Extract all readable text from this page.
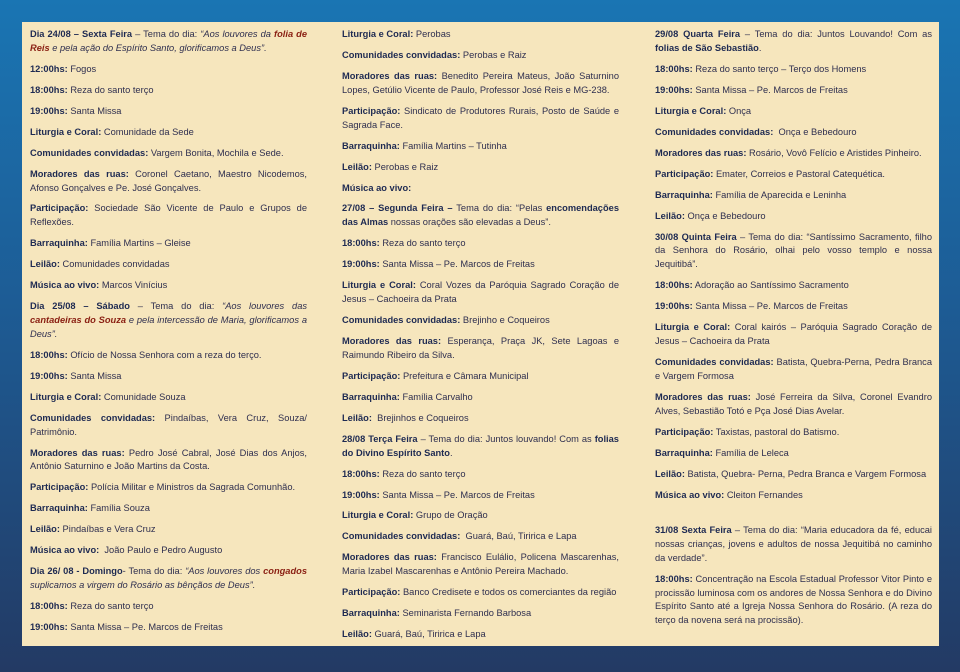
Dia 24/08 – Sexta Feira – Tema do dia: “Aos louvores da folia de Reis e pela ação do Espírito Santo, glorificamos a Deus”.

12:00hs: Fogos

18:00hs: Reza do santo terço

19:00hs: Santa Missa

Liturgia e Coral: Comunidade da Sede

Comunidades convidadas: Vargem Bonita, Mochila e Sede.

Moradores das ruas: Coronel Caetano, Maestro Nicodemos, Afonso Gonçalves e Pe. José Gonçalves.

Participação: Sociedade São Vicente de Paulo e Grupos de Reflexões.

Barraquinha: Família Martins – Gleise

Leilão: Comunidades convidadas

Música ao vivo: Marcos Vinícius

Dia 25/08 – Sábado – Tema do dia: “Aos louvores das cantadeiras do Souza e pela intercessão de Maria, glorificamos a Deus”.

18:00hs: Ofício de Nossa Senhora com a reza do terço.

19:00hs: Santa Missa

Liturgia e Coral: Comunidade Souza

Comunidades convidadas: Pindaíbas, Vera Cruz, Souza/ Patrimônio.

Moradores das ruas: Pedro José Cabral, José Dias dos Anjos, Antônio Saturnino e João Martins da Costa.

Participação: Polícia Militar e Ministros da Sagrada Comunhão.

Barraquinha: Família Souza

Leilão: Pindaíbas e Vera Cruz

Música ao vivo:  João Paulo e Pedro Augusto

Dia 26/ 08 - Domingo- Tema do dia: “Aos louvores dos congados suplicamos a virgem do Rosário as bênçãos de Deus”.

18:00hs: Reza do santo terço

19:00hs: Santa Missa – Pe. Marcos de Freitas

Liturgia e Coral: Perobas

Comunidades convidadas: Perobas e Raiz

Moradores das ruas: Benedito Pereira Mateus, João Saturnino Lopes, Getúlio Vicente de Paulo, Professor José Reis e MG-238.

Participação: Sindicato de Produtores Rurais, Posto de Saúde e Sagrada Face.

Barraquinha: Família Martins – Tutinha

Leilão: Perobas e Raiz

Música ao vivo:

27/08 – Segunda Feira – Tema do dia: “Pelas encomendações das Almas nossas orações são elevadas a Deus”.

18:00hs: Reza do santo terço

19:00hs: Santa Missa – Pe. Marcos de Freitas

Liturgia e Coral: Coral Vozes da Paróquia Sagrado Coração de Jesus – Cachoeira da Prata

Comunidades convidadas: Brejinho e Coqueiros

Moradores das ruas: Esperança, Praça JK, Sete Lagoas e Raimundo Ribeiro da Silva.

Participação: Prefeitura e Câmara Municipal

Barraquinha: Família Carvalho

Leilão:  Brejinhos e Coqueiros

28/08 Terça Feira – Tema do dia: Juntos louvando! Com as folias do Divino Espírito Santo.

18:00hs: Reza do santo terço

19:00hs: Santa Missa – Pe. Marcos de Freitas

Liturgia e Coral: Grupo de Oração

Comunidades convidadas:  Guará, Baú, Tiririca e Lapa

Moradores das ruas: Francisco Eulálio, Policena Mascarenhas, Maria Izabel Mascarenhas e Antônio Pereira Machado.

Participação: Banco Credisete e todos os comerciantes da região

Barraquinha: Seminarista Fernando Barbosa

Leilão: Guará, Baú, Tiririca e Lapa

29/08 Quarta Feira – Tema do dia: Juntos Louvando! Com as folias de São Sebastião.

18:00hs: Reza do santo terço – Terço dos Homens

19:00hs: Santa Missa – Pe. Marcos de Freitas

Liturgia e Coral: Onça

Comunidades convidadas:  Onça e Bebedouro

Moradores das ruas: Rosário, Vovô Felício e Aristides Pinheiro.

Participação: Emater, Correios e Pastoral Catequética.

Barraquinha: Família de Aparecida e Leninha

Leilão: Onça e Bebedouro

30/08 Quinta Feira – Tema do dia: “Santíssimo Sacramento, filho da Senhora do Rosário, olhai pelo vosso templo e nossa Jequitibá”.

18:00hs: Adoração ao Santíssimo Sacramento

19:00hs: Santa Missa – Pe. Marcos de Freitas

Liturgia e Coral: Coral kairós – Paróquia Sagrado Coração de Jesus – Cachoeira da Prata

Comunidades convidadas: Batista, Quebra-Perna, Pedra Branca e Vargem Formosa

Moradores das ruas: José Ferreira da Silva, Coronel Evandro Alves, Sebastião Totó e Pça José Dias Avelar.

Participação: Taxistas, pastoral do Batismo.

Barraquinha: Família de Leleca

Leilão: Batista, Quebra- Perna, Pedra Branca e Vargem Formosa

Música ao vivo: Cleiton Fernandes

31/08 Sexta Feira – Tema do dia: “Maria educadora da fé, educai nossas crianças, jovens e adultos de nossa Jequitibá no caminho da verdade”.

18:00hs: Concentração na Escola Estadual Professor Vitor Pinto e procissão luminosa com os andores de Nossa Senhora e do Divino Espírito Santo até a Igreja Nossa Senhora do Rosário. (A reza do terço da novena será na procissão).
